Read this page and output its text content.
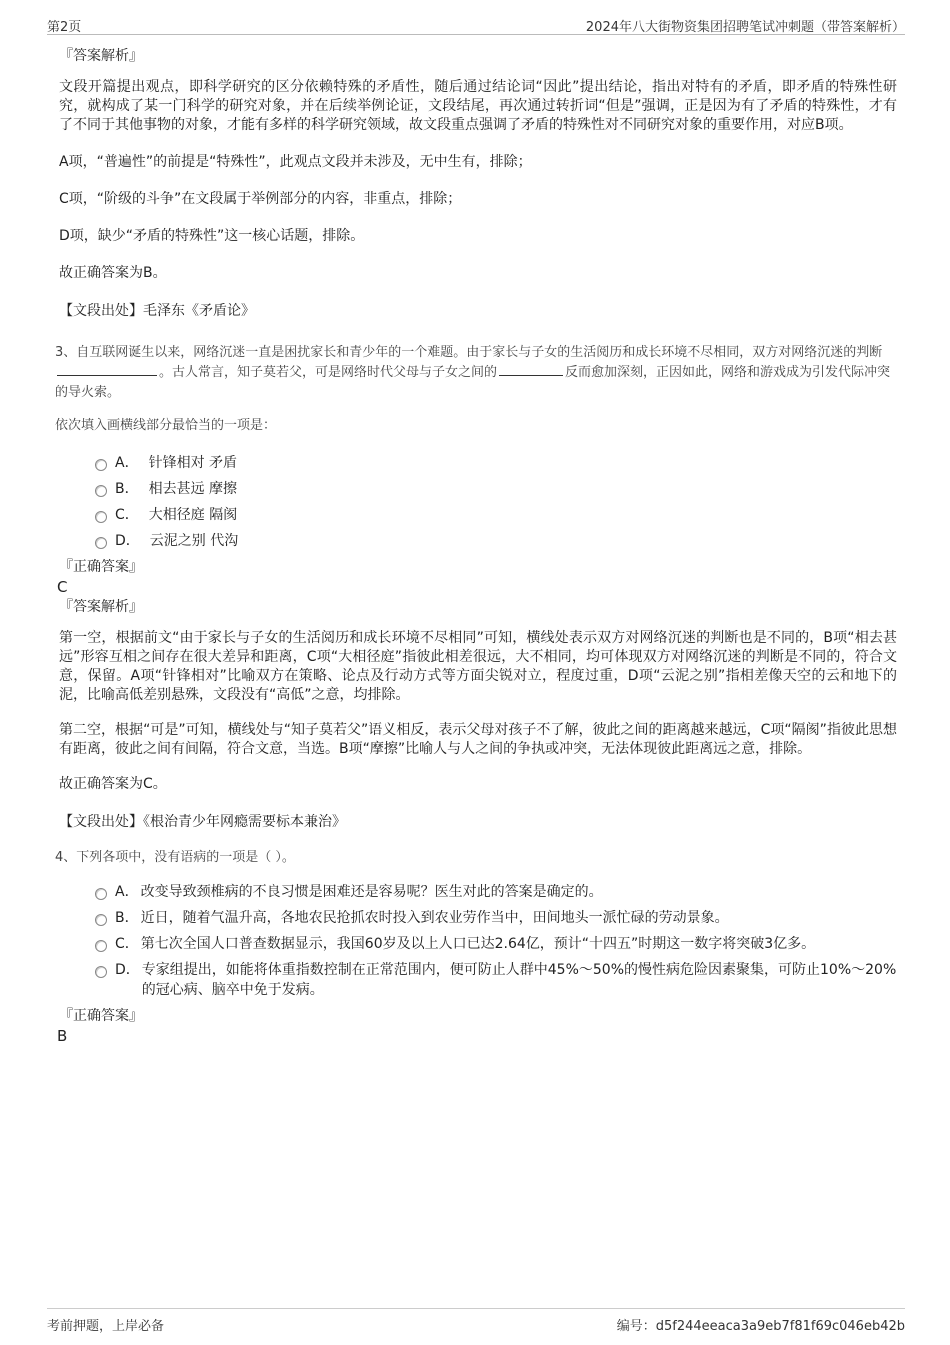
第2页	2024年八大街物资集团招聘笔试冲刺题（带答案解析）
『答案解析』

文段开篇提出观点，即科学研究的区分依赖特殊的矛盾性，随后通过结论词“因此”提出结论，指出对特有的矛盾，即矛盾的特殊性研究，就构成了某一门科学的研究对象，并在后续举例论证，文段结尾，再次通过转折词“但是”强调，正是因为有了矛盾的特殊性，才有了不同于其他事物的对象，才能有多样的科学研究领域，故文段重点强调了矛盾的特殊性对不同研究对象的重要作用，对应B项。

A项，“普遍性”的前提是“特殊性”，此观点文段并未涉及，无中生有，排除；

C项，“阶级的斗争”在文段属于举例部分的内容，非重点，排除；

D项，缺少“矛盾的特殊性”这一核心话题，排除。

故正确答案为B。

【文段出处】毛泽东《矛盾论》

3、自互联网诞生以来，网络沉迷一直是困扰家长和青少年的一个难题。由于家长与子女的生活阅历和成长环境不尽相同，双方对网络沉迷的判断。古人常言，知子莫若父，可是网络时代父母与子女之间的	反而愈加深刻，正因如此，网络和游戏成为引发代际冲突的导火索。
依次填入画横线部分最恰当的一项是：
A． 针锋相对 矛盾
B． 相去甚远 摩擦
C． 大相径庭 隔阂
D． 云泥之别 代沟
『正确答案』
C
『答案解析』

第一空，根据前文“由于家长与子女的生活阅历和成长环境不尽相同”可知，横线处表示双方对网络沉迷的判断也是不同的，B项“相去甚远”形容互相之间存在很大差异和距离，C项“大相径庭”指彼此相差很远，大不相同，均可体现双方对网络沉迷的判断是不同的，符合文意，保留。A项“针锋相对”比喻双方在策略、论点及行动方式等方面尖锐对立，程度过重，D项“云泥之别”指相差像天空的云和地下的泥，比喻高低差别悬殊，文段没有“高低”之意，均排除。

第二空，根据“可是”可知，横线处与“知子莫若父”语义相反，表示父母对孩子不了解，彼此之间的距离越来越远，C项“隔阂”指彼此思想有距离，彼此之间有间隔，符合文意，当选。B项“摩擦”比喻人与人之间的争执或冲突，无法体现彼此距离远之意，排除。

故正确答案为C。

【文段出处】《根治青少年网瘾需要标本兼治》

4、下列各项中，没有语病的一项是（ ）。
A． 改变导致颈椎病的不良习惯是困难还是容易呢？医生对此的答案是确定的。
B． 近日，随着气温升高，各地农民抢抓农时投入到农业劳作当中，田间地头一派忙碌的劳动景象。
C． 第七次全国人口普查数据显示，我国60岁及以上人口已达2.64亿，预计“十四五”时期这一数字将突破3亿多。
D． 专家组提出，如能将体重指数控制在正常范围内，便可防止人群中45%～50%的慢性病危险因素聚集，可防止10%～20%的冠心病、脑卒中免于发病。
『正确答案』
B
考前押题，上岸必备	编号：d5f244eeaca3a9eb7f81f69c046eb42b
